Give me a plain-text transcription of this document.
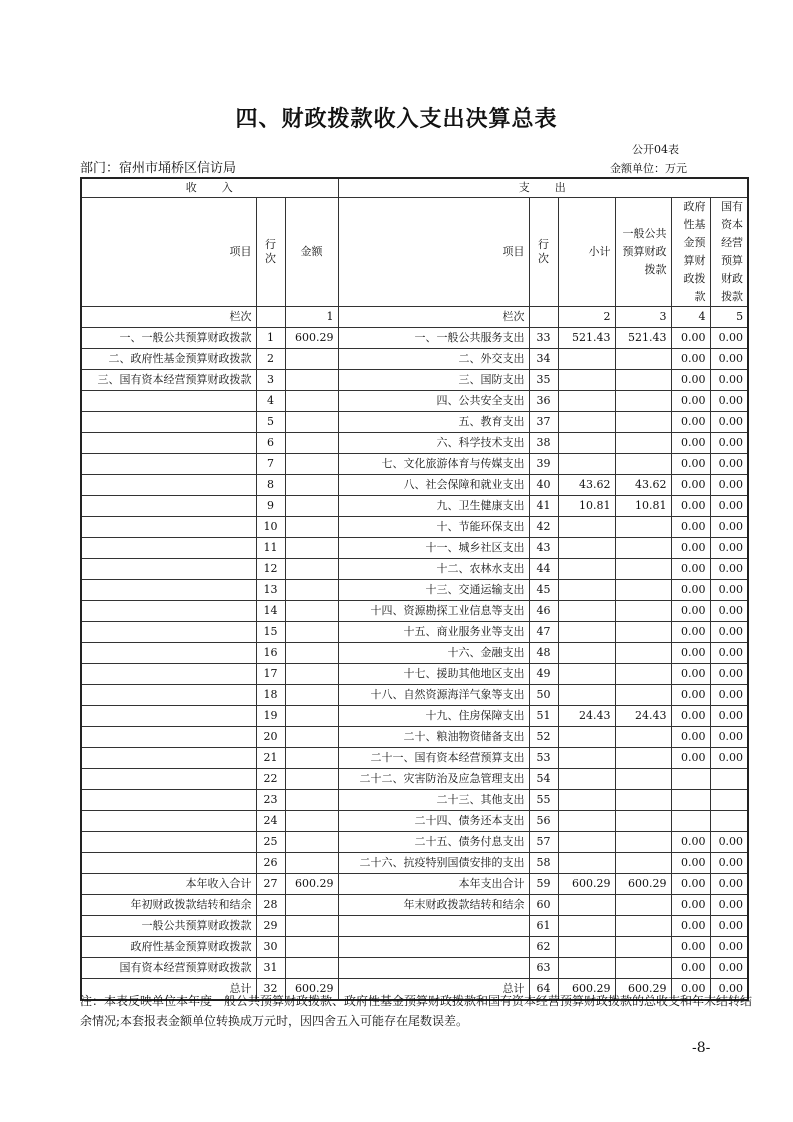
四、财政拨款收入支出决算总表
公开04表
部门：宿州市埇桥区信访局	金额单位：万元
收　　入			支　　出					
项目	行次	金额	项目	行次	小计	一般公共预算财政拨款	政府性基金预算财政拨款	国有资本经营预算财政拨款
栏次		1	栏次		2	3	4	5
一、一般公共预算财政拨款	1	600.29	一、一般公共服务支出	33	521.43	521.43	0.00	0.00
二、政府性基金预算财政拨款	2		二、外交支出	34			0.00	0.00
三、国有资本经营预算财政拨款	3		三、国防支出	35			0.00	0.00
	4		四、公共安全支出	36			0.00	0.00
	5		五、教育支出	37			0.00	0.00
	6		六、科学技术支出	38			0.00	0.00
	7		七、文化旅游体育与传媒支出	39			0.00	0.00
	8		八、社会保障和就业支出	40	43.62	43.62	0.00	0.00
	9		九、卫生健康支出	41	10.81	10.81	0.00	0.00
	10		十、节能环保支出	42			0.00	0.00
	11		十一、城乡社区支出	43			0.00	0.00
	12		十二、农林水支出	44			0.00	0.00
	13		十三、交通运输支出	45			0.00	0.00
	14		十四、资源勘探工业信息等支出	46			0.00	0.00
	15		十五、商业服务业等支出	47			0.00	0.00
	16		十六、金融支出	48			0.00	0.00
	17		十七、援助其他地区支出	49			0.00	0.00
	18		十八、自然资源海洋气象等支出	50			0.00	0.00
	19		十九、住房保障支出	51	24.43	24.43	0.00	0.00
	20		二十、粮油物资储备支出	52			0.00	0.00
	21		二十一、国有资本经营预算支出	53			0.00	0.00
	22		二十二、灾害防治及应急管理支出	54				
	23		二十三、其他支出	55				
	24		二十四、债务还本支出	56				
	25		二十五、债务付息支出	57			0.00	0.00
	26		二十六、抗疫特别国债安排的支出	58			0.00	0.00
本年收入合计	27	600.29	本年支出合计	59	600.29	600.29	0.00	0.00
年初财政拨款结转和结余	28		年末财政拨款结转和结余	60			0.00	0.00
一般公共预算财政拨款	29			61			0.00	0.00
政府性基金预算财政拨款	30			62			0.00	0.00
国有资本经营预算财政拨款	31			63			0.00	0.00
总计	32	600.29	总计	64	600.29	600.29	0.00	0.00
注：本表反映单位本年度一般公共预算财政拨款、政府性基金预算财政拨款和国有资本经营预算财政拨款的总收支和年末结转结余情况;本套报表金额单位转换成万元时，因四舍五入可能存在尾数误差。
-8-
